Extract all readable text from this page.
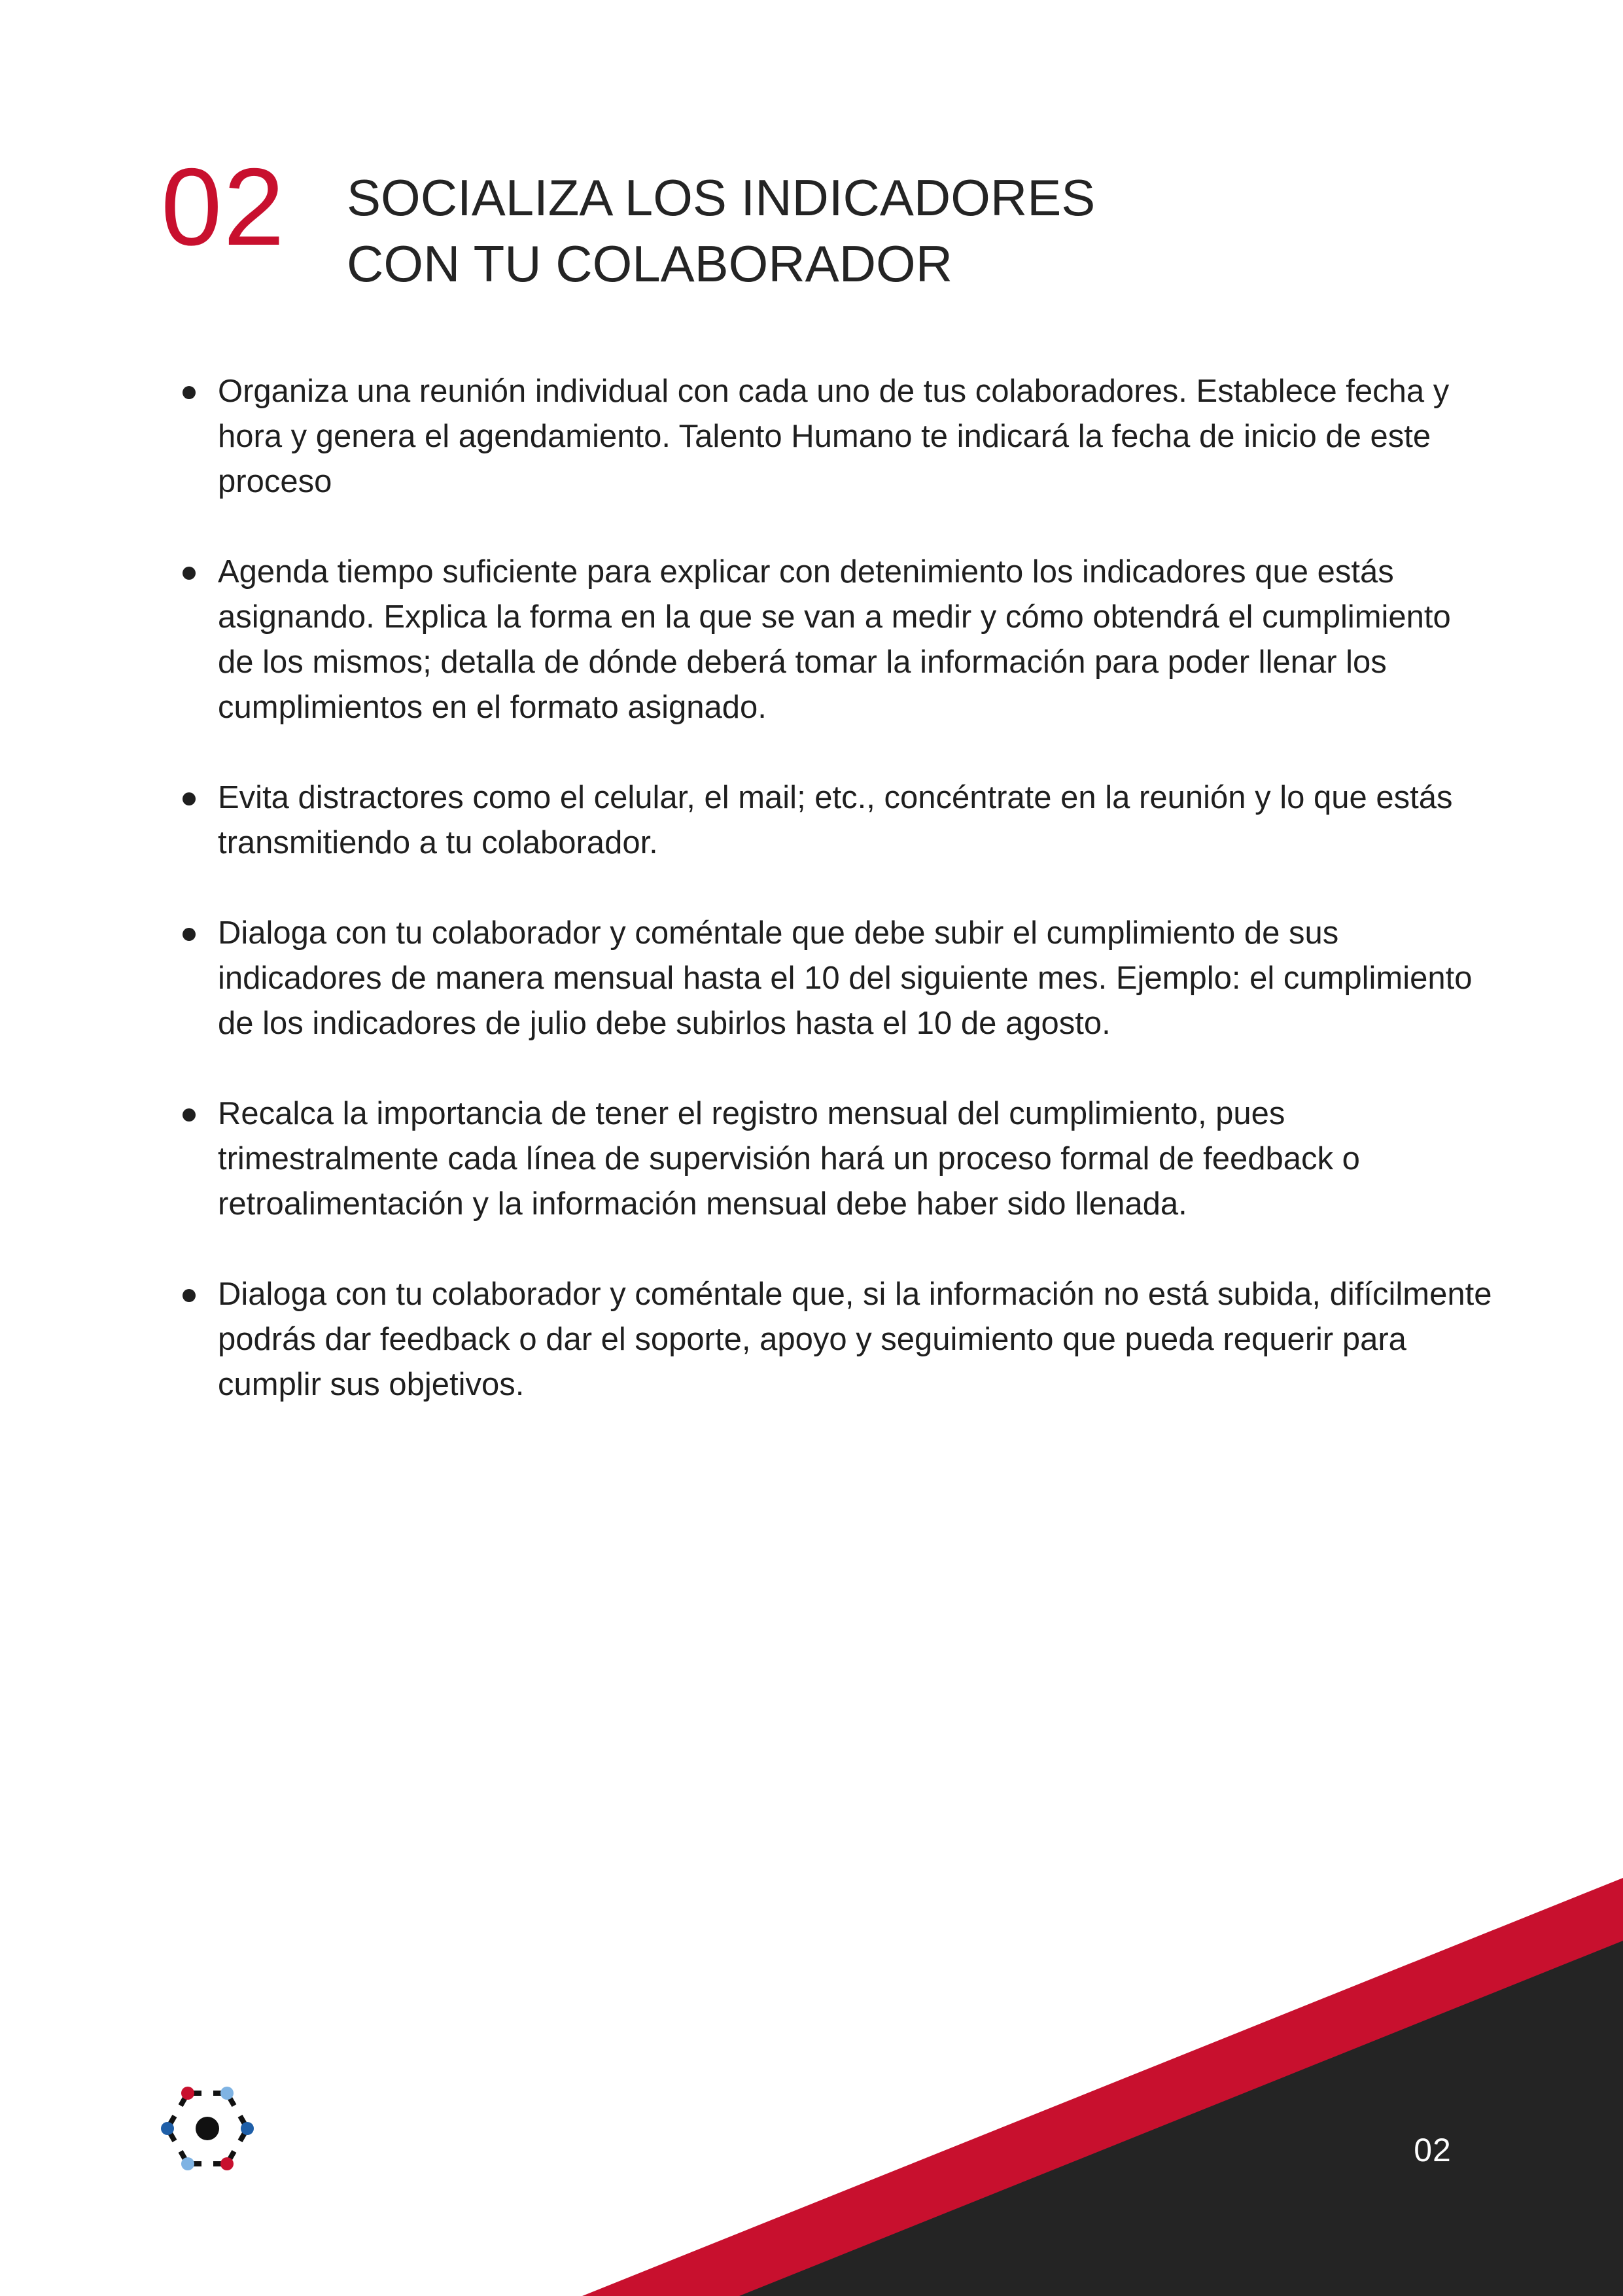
02 SOCIALIZA LOS INDICADORES
CON TU COLABORADOR
Organiza una reunión individual con cada uno de tus colaboradores. Establece fecha y hora y genera el agendamiento. Talento Humano te indicará la fecha de inicio de este proceso
Agenda tiempo suficiente para explicar con detenimiento los indicadores que estás asignando. Explica la forma en la que se van a medir y cómo obtendrá el cumplimiento de los mismos; detalla de dónde deberá tomar la información para poder llenar los cumplimientos en el formato asignado.
Evita distractores como el celular, el mail; etc., concéntrate en la reunión y lo que estás transmitiendo a tu colaborador.
Dialoga con tu colaborador y coméntale que debe subir el cumplimiento de sus indicadores de manera mensual hasta el 10 del siguiente mes. Ejemplo: el cumplimiento de los indicadores de julio debe subirlos hasta el 10 de agosto.
Recalca la importancia de tener el registro mensual del cumplimiento, pues trimestralmente cada línea de supervisión hará un proceso formal de feedback o retroalimentación y la información mensual debe haber sido llenada.
Dialoga con tu colaborador y coméntale que, si la información no está subida, difícilmente podrás dar feedback o dar el soporte, apoyo y seguimiento que pueda requerir para cumplir sus objetivos.
02
